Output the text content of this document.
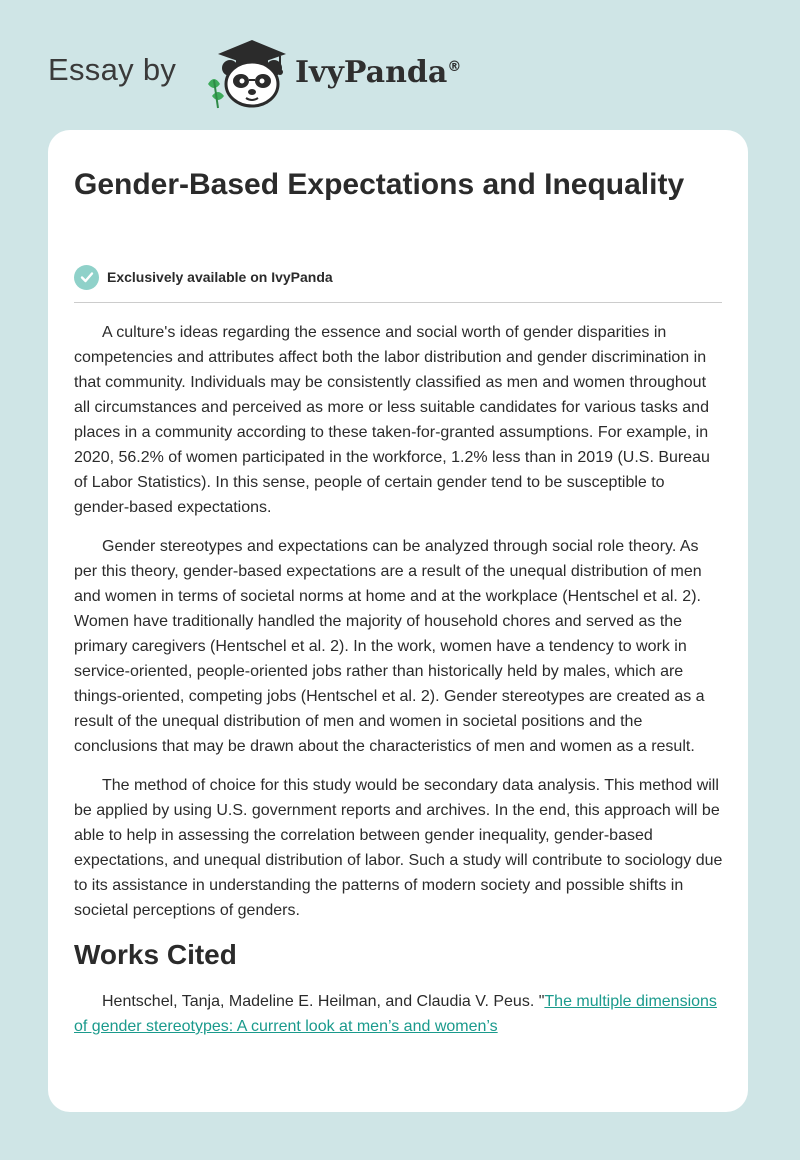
Essay by	IvyPanda®
Gender-Based Expectations and Inequality
Exclusively available on IvyPanda

A culture's ideas regarding the essence and social worth of gender disparities in competencies and attributes affect both the labor distribution and gender discrimination in that community. Individuals may be consistently classified as men and women throughout all circumstances and perceived as more or less suitable candidates for various tasks and places in a community according to these taken-for-granted assumptions. For example, in 2020, 56.2% of women participated in the workforce, 1.2% less than in 2019 (U.S. Bureau of Labor Statistics). In this sense, people of certain gender tend to be susceptible to gender-based expectations.

Gender stereotypes and expectations can be analyzed through social role theory. As per this theory, gender-based expectations are a result of the unequal distribution of men and women in terms of societal norms at home and at the workplace (Hentschel et al. 2). Women have traditionally handled the majority of household chores and served as the primary caregivers (Hentschel et al. 2). In the work, women have a tendency to work in service-oriented, people-oriented jobs rather than historically held by males, which are things-oriented, competing jobs (Hentschel et al. 2). Gender stereotypes are created as a result of the unequal distribution of men and women in societal positions and the conclusions that may be drawn about the characteristics of men and women as a result.

The method of choice for this study would be secondary data analysis. This method will be applied by using U.S. government reports and archives. In the end, this approach will be able to help in assessing the correlation between gender inequality, gender-based expectations, and unequal distribution of labor. Such a study will contribute to sociology due to its assistance in understanding the patterns of modern society and possible shifts in societal perceptions of genders.

Works Cited

Hentschel, Tanja, Madeline E. Heilman, and Claudia V. Peus. "The multiple dimensions of gender stereotypes: A current look at men’s and women’s
